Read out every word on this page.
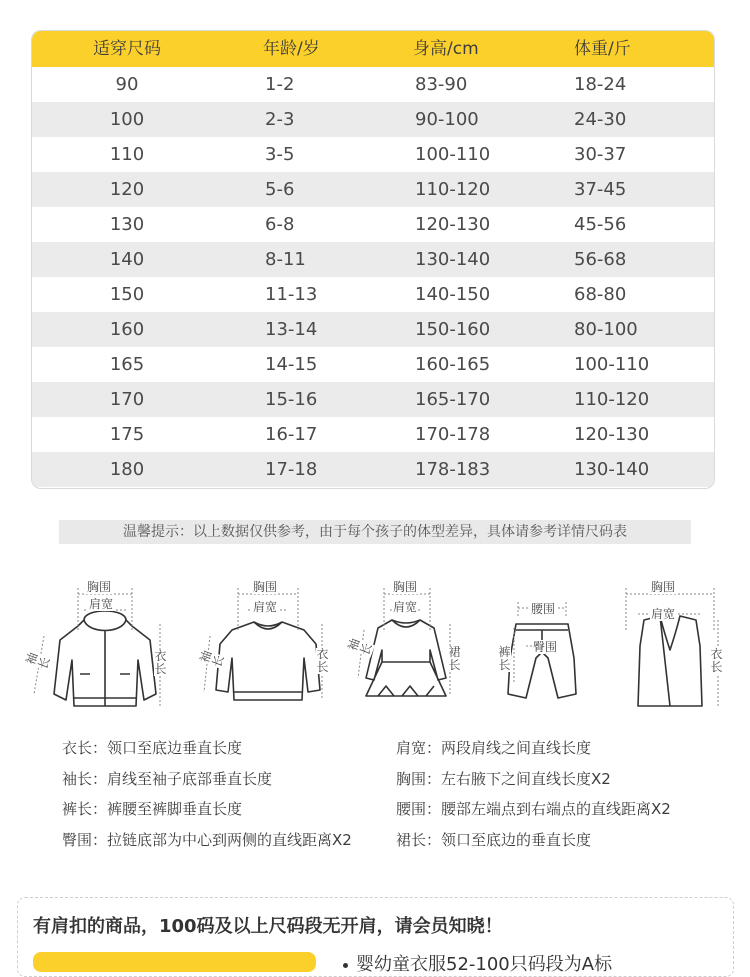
适穿尺码	年龄/岁	身高/cm	体重/斤
90	1-2	83-90	18-24
100	2-3	90-100	24-30
110	3-5	100-110	30-37
120	5-6	110-120	37-45
130	6-8	120-130	45-56
140	8-11	130-140	56-68
150	11-13	140-150	68-80
160	13-14	150-160	80-100
165	14-15	160-165	100-110
170	15-16	165-170	110-120
175	16-17	170-178	120-130
180	17-18	178-183	130-140
温馨提示：以上数据仅供参考，由于每个孩子的体型差异，具体请参考详情尺码表
胸围
肩宽
袖长	衣长
胸围
肩宽
袖长	衣长
胸围
肩宽
袖长	裙长
腰围
臀围
裤长
胸围
肩宽
衣长
衣长：领口至底边垂直长度
袖长：肩线至袖子底部垂直长度
裤长：裤腰至裤脚垂直长度
臀围：拉链底部为中心到两侧的直线距离X2
肩宽：两段肩线之间直线长度
胸围：左右腋下之间直线长度X2
腰围：腰部左端点到右端点的直线距离X2
裙长：领口至底边的垂直长度
有肩扣的商品，100码及以上尺码段无开肩，请会员知晓！
婴幼童衣服52-100只码段为A标
